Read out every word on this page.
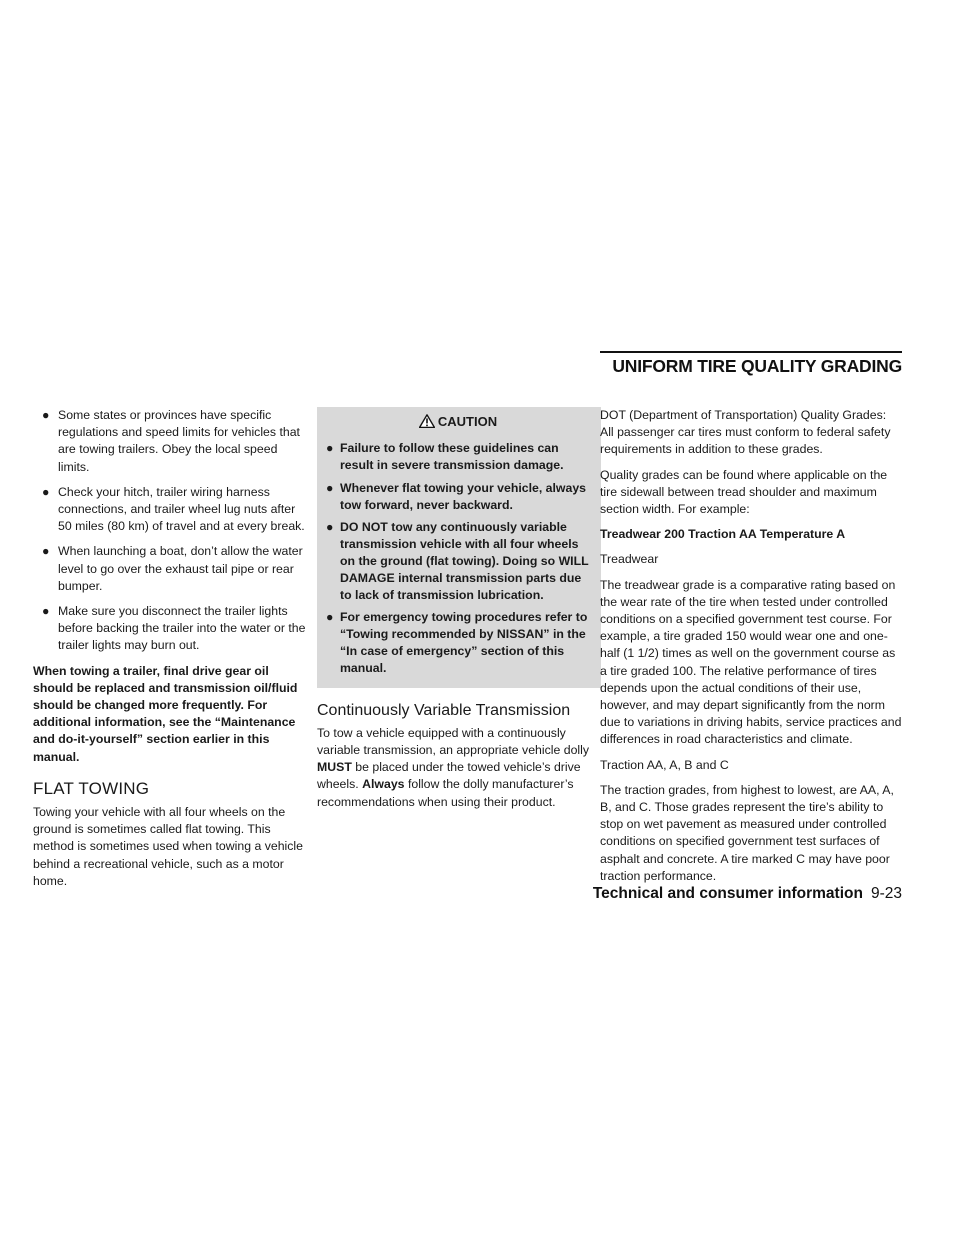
UNIFORM TIRE QUALITY GRADING
● Some states or provinces have specific regulations and speed limits for vehicles that are towing trailers. Obey the local speed limits.
● Check your hitch, trailer wiring harness connections, and trailer wheel lug nuts after 50 miles (80 km) of travel and at every break.
● When launching a boat, don’t allow the water level to go over the exhaust tail pipe or rear bumper.
● Make sure you disconnect the trailer lights before backing the trailer into the water or the trailer lights may burn out.

When towing a trailer, final drive gear oil should be replaced and transmission oil/fluid should be changed more frequently. For additional information, see the “Maintenance and do-it-yourself” section earlier in this manual.

FLAT TOWING

Towing your vehicle with all four wheels on the ground is sometimes called flat towing. This method is sometimes used when towing a vehicle behind a recreational vehicle, such as a motor home.

CAUTION
● Failure to follow these guidelines can result in severe transmission damage.
● Whenever flat towing your vehicle, always tow forward, never backward.
● DO NOT tow any continuously variable transmission vehicle with all four wheels on the ground (flat towing). Doing so WILL DAMAGE internal transmission parts due to lack of transmission lubrication.
● For emergency towing procedures refer to “Towing recommended by NISSAN” in the “In case of emergency” section of this manual.
Continuously Variable Transmission

To tow a vehicle equipped with a continuously variable transmission, an appropriate vehicle dolly MUST be placed under the towed vehicle’s drive wheels. Always follow the dolly manufacturer’s recommendations when using their product.

DOT (Department of Transportation) Quality Grades: All passenger car tires must conform to federal safety requirements in addition to these grades.

Quality grades can be found where applicable on the tire sidewall between tread shoulder and maximum section width. For example:

Treadwear 200 Traction AA Temperature A

Treadwear

The treadwear grade is a comparative rating based on the wear rate of the tire when tested under controlled conditions on a specified government test course. For example, a tire graded 150 would wear one and one-half (1 1/2) times as well on the government course as a tire graded 100. The relative performance of tires depends upon the actual conditions of their use, however, and may depart significantly from the norm due to variations in driving habits, service practices and differences in road characteristics and climate.

Traction AA, A, B and C

The traction grades, from highest to lowest, are AA, A, B, and C. Those grades represent the tire’s ability to stop on wet pavement as measured under controlled conditions on specified government test surfaces of asphalt and concrete. A tire marked C may have poor traction performance.

Technical and consumer information 9-23
